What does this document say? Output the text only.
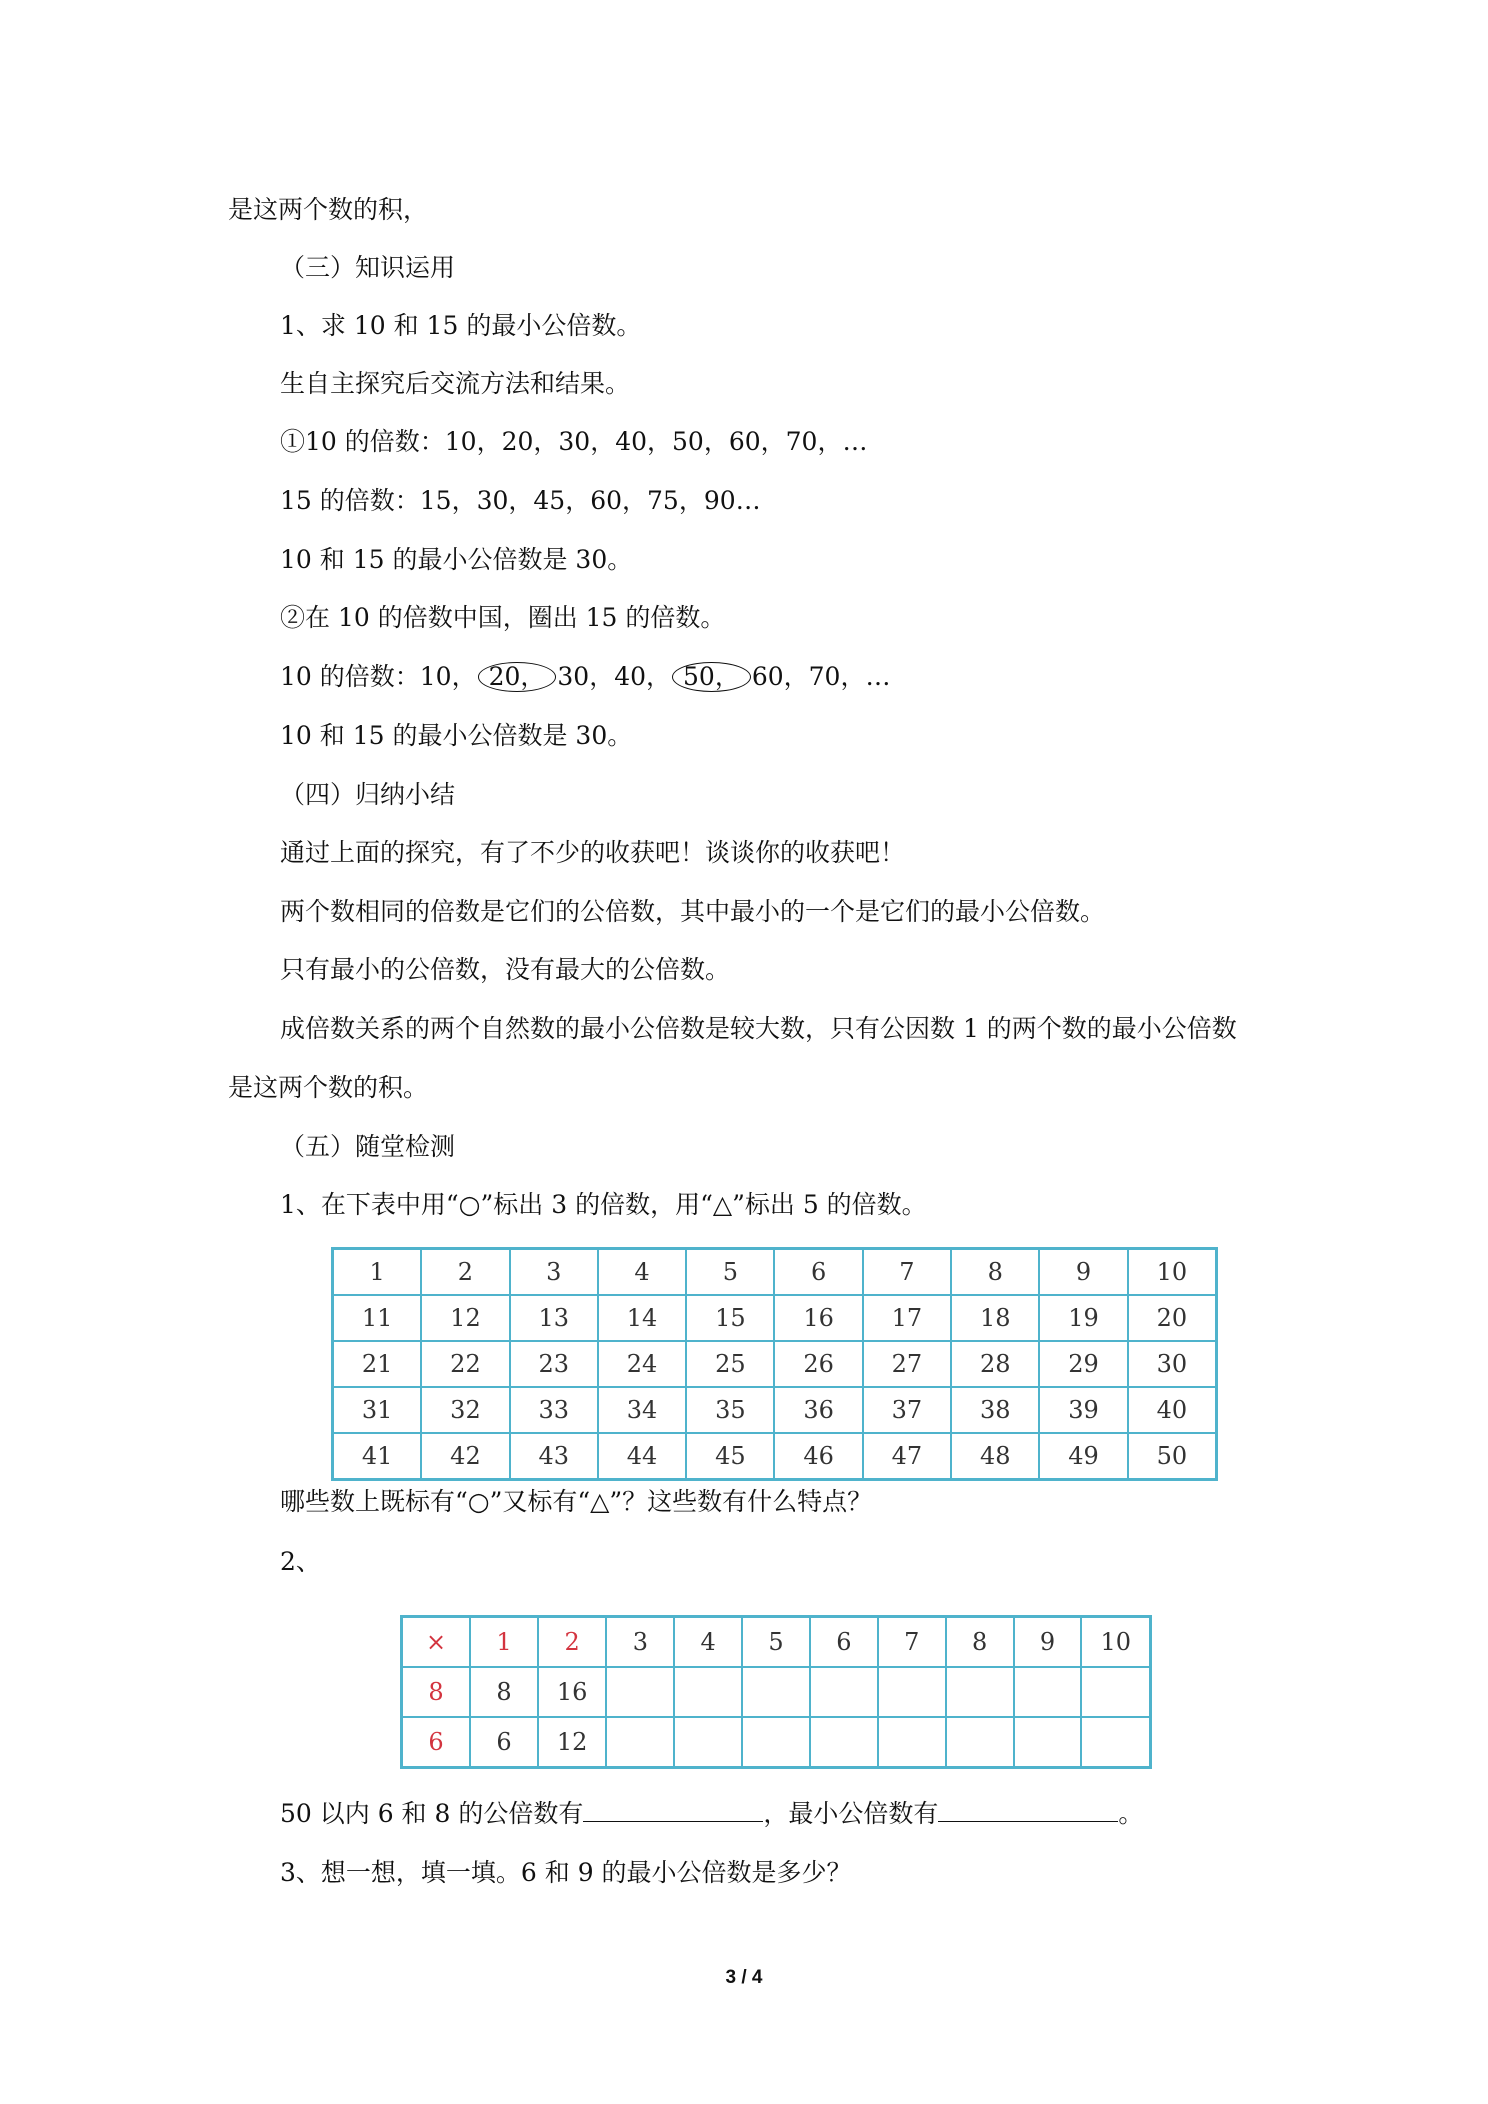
是这两个数的积，
（三）知识运用
1、求 10 和 15 的最小公倍数。
生自主探究后交流方法和结果。
①10 的倍数：10，20，30，40，50，60，70，…
15 的倍数：15，30，45，60，75，90…
10 和 15 的最小公倍数是 30。
②在 10 的倍数中国，圈出 15 的倍数。
10 的倍数：10， 20， 30，40， 50， 60，70，…
10 和 15 的最小公倍数是 30。
（四）归纳小结
通过上面的探究，有了不少的收获吧！谈谈你的收获吧！
两个数相同的倍数是它们的公倍数，其中最小的一个是它们的最小公倍数。
只有最小的公倍数，没有最大的公倍数。
成倍数关系的两个自然数的最小公倍数是较大数，只有公因数 1 的两个数的最小公倍数
是这两个数的积。
（五）随堂检测
1、在下表中用“○”标出 3 的倍数，用“△”标出 5 的倍数。
1	2	3	4	5	6	7	8	9	10
11	12	13	14	15	16	17	18	19	20
21	22	23	24	25	26	27	28	29	30
31	32	33	34	35	36	37	38	39	40
41	42	43	44	45	46	47	48	49	50
哪些数上既标有“○”又标有“△”？这些数有什么特点？
2、
×	1	2	3	4	5	6	7	8	9	10
8	8	16								
6	6	12								
50 以内 6 和 8 的公倍数有	，最小公倍数有	。
3、想一想，填一填。6 和 9 的最小公倍数是多少？
3 / 4
